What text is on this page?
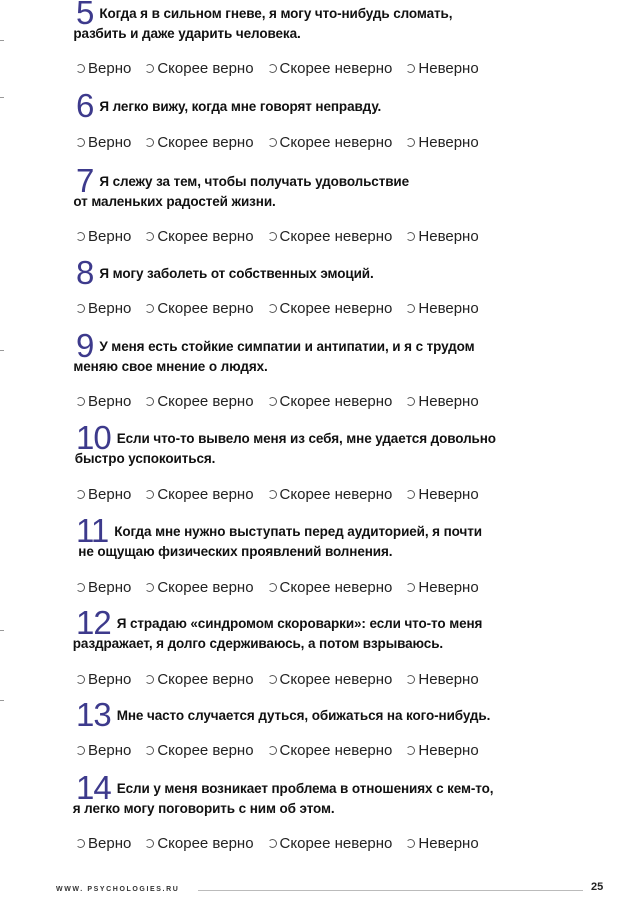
5 Когда я в сильном гневе, я могу что-нибудь сломать,
разбить и даже ударить человека.
Верно Скорее верно Скорее неверно Неверно
6 Я легко вижу, когда мне говорят неправду.
Верно Скорее верно Скорее неверно Неверно
7 Я слежу за тем, чтобы получать удовольствие
от маленьких радостей жизни.
Верно Скорее верно Скорее неверно Неверно
8 Я могу заболеть от собственных эмоций.
Верно Скорее верно Скорее неверно Неверно
9 У меня есть стойкие симпатии и антипатии, и я с трудом
меняю свое мнение о людях.
Верно Скорее верно Скорее неверно Неверно
10 Если что-то вывело меня из себя, мне удается довольно
быстро успокоиться.
Верно Скорее верно Скорее неверно Неверно
11 Когда мне нужно выступать перед аудиторией, я почти
не ощущаю физических проявлений волнения.
Верно Скорее верно Скорее неверно Неверно
12 Я страдаю «синдромом скороварки»: если что-то меня
раздражает, я долго сдерживаюсь, а потом взрываюсь.
Верно Скорее верно Скорее неверно Неверно
13 Мне часто случается дуться, обижаться на кого-нибудь.
Верно Скорее верно Скорее неверно Неверно
14 Если у меня возникает проблема в отношениях с кем-то,
я легко могу поговорить с ним об этом.
Верно Скорее верно Скорее неверно Неверно
WWW. PSYCHOLOGIES.RU	25
